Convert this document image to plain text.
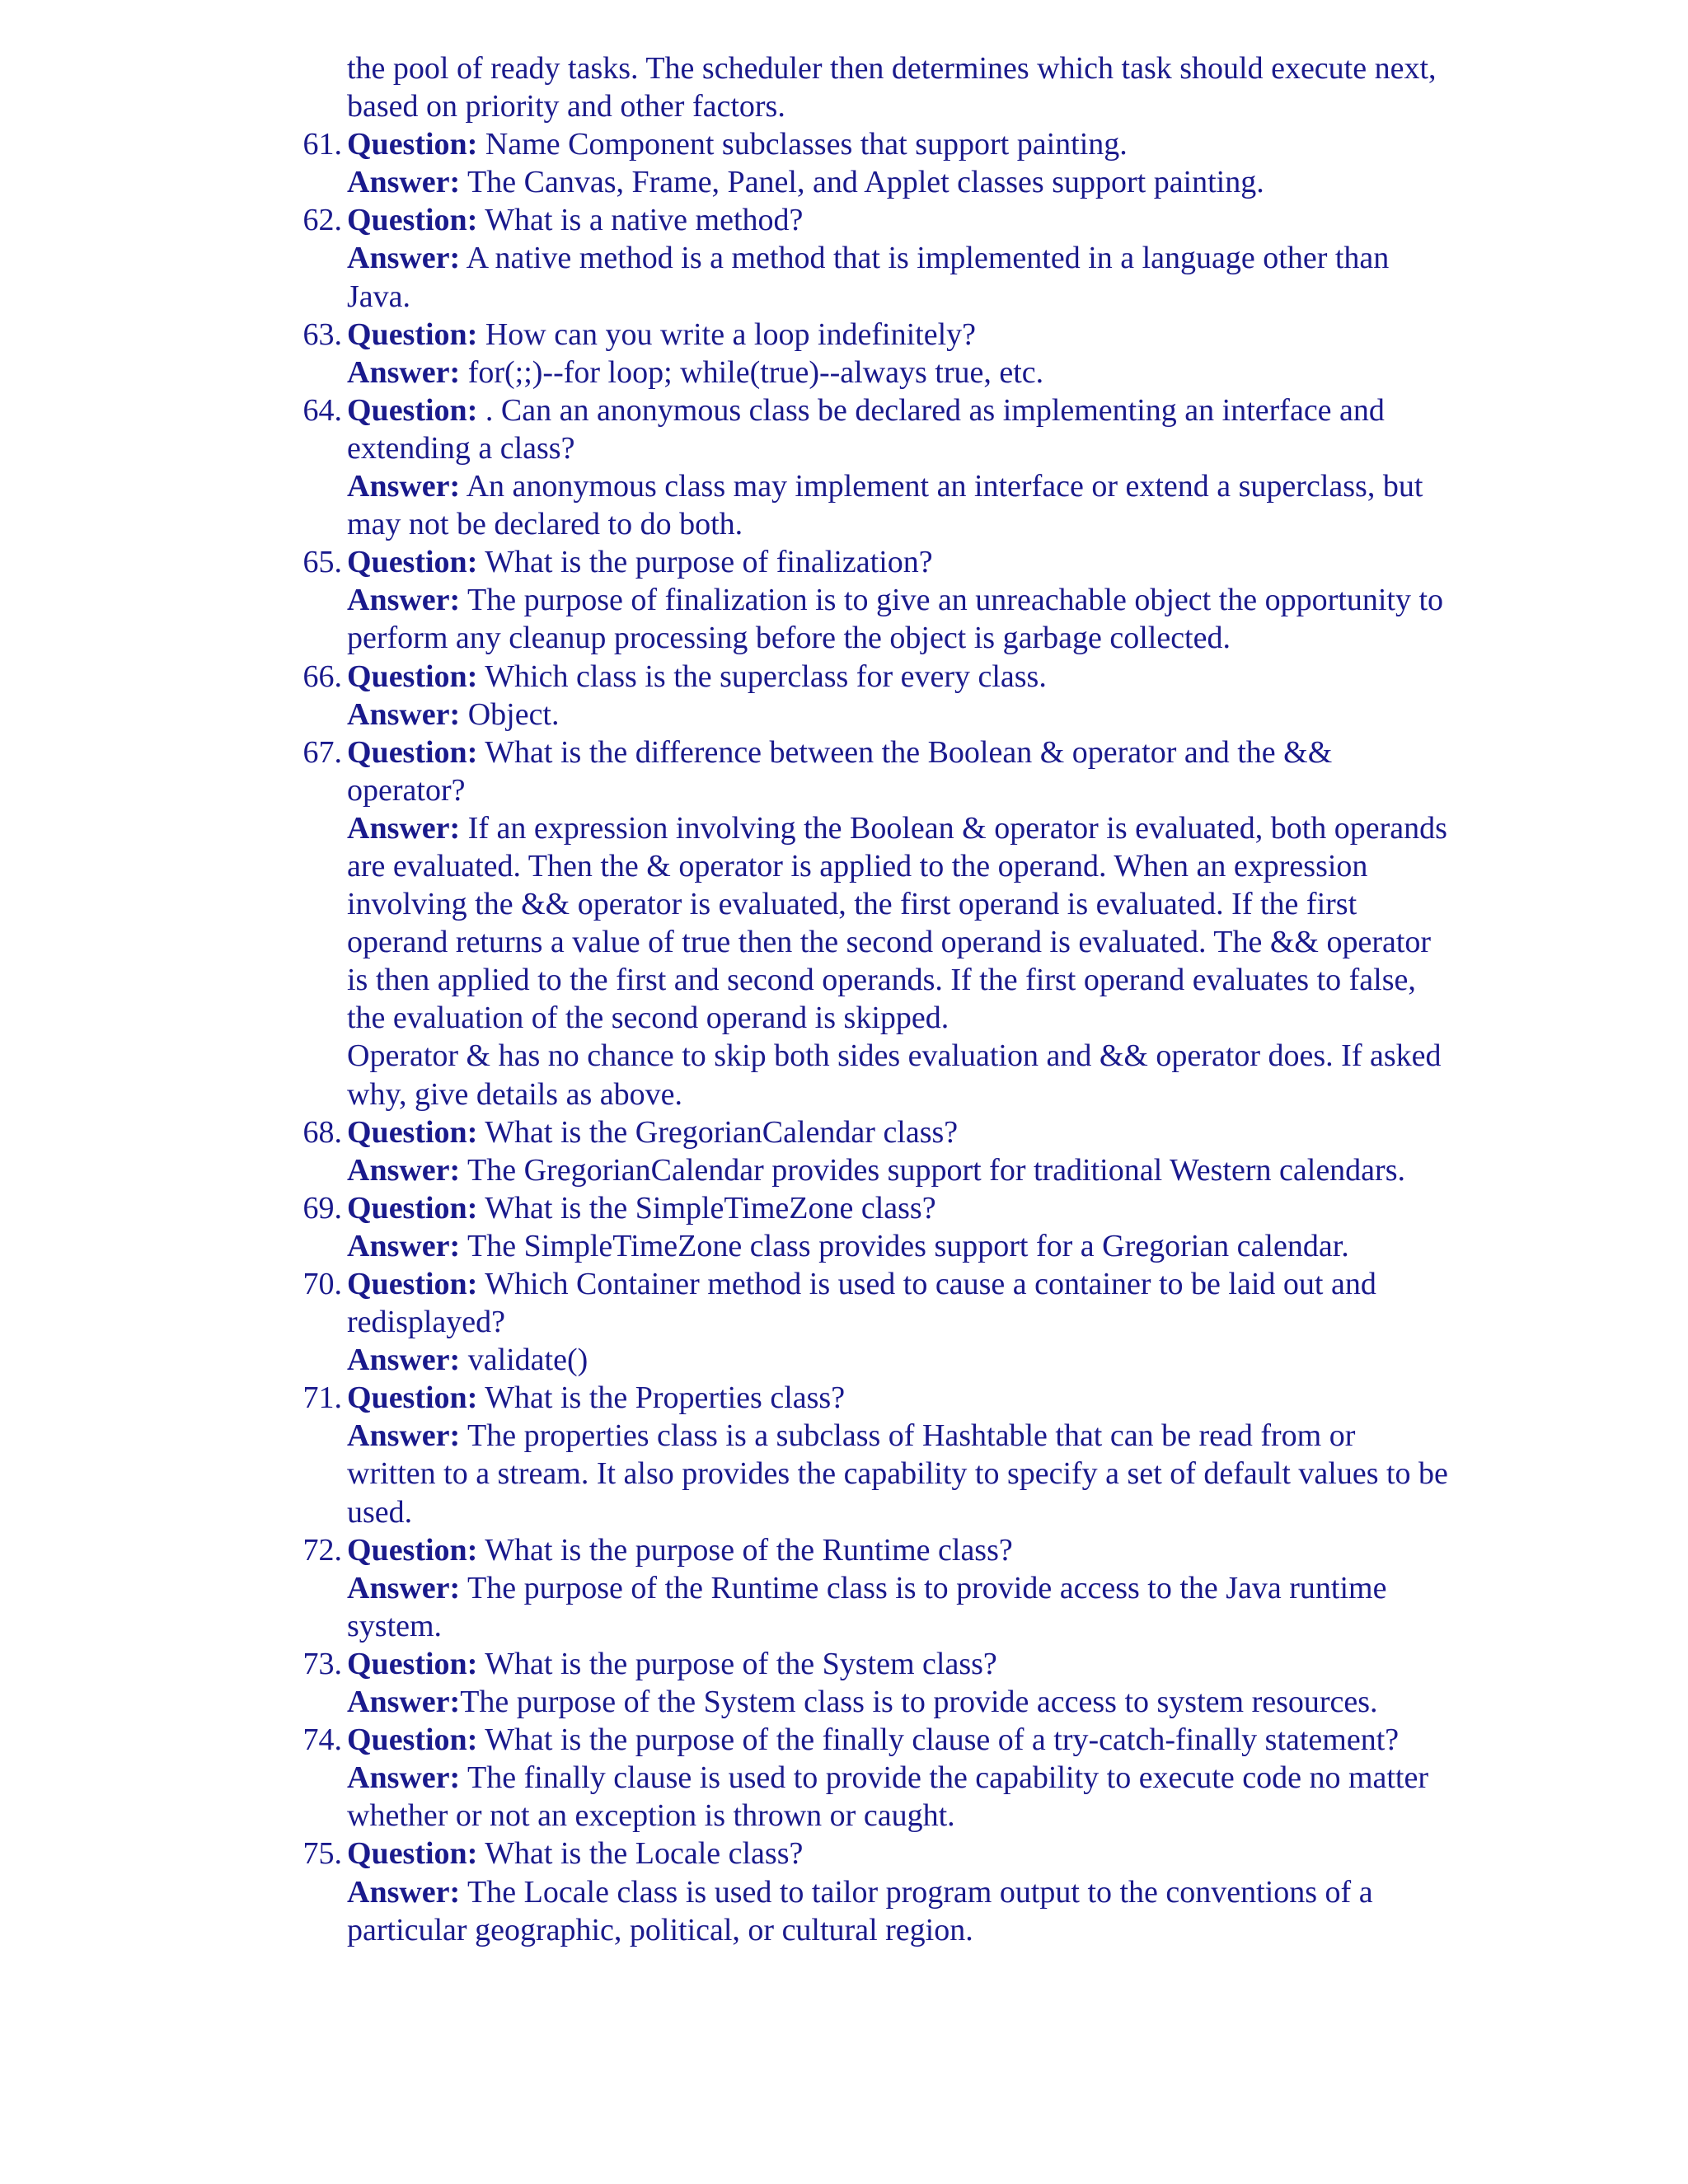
the pool of ready tasks. The scheduler then determines which task should execute next, based on priority and other factors.

61. Question: Name Component subclasses that support painting.

Answer: The Canvas, Frame, Panel, and Applet classes support painting.

62. Question: What is a native method?

Answer: A native method is a method that is implemented in a language other than Java.

63. Question: How can you write a loop indefinitely?

Answer: for(;;)--for loop; while(true)--always true, etc.

64. Question: . Can an anonymous class be declared as implementing an interface and extending a class?

Answer: An anonymous class may implement an interface or extend a superclass, but may not be declared to do both.

65. Question: What is the purpose of finalization?

Answer: The purpose of finalization is to give an unreachable object the opportunity to perform any cleanup processing before the object is garbage collected.

66. Question: Which class is the superclass for every class.

Answer: Object.

67. Question: What is the difference between the Boolean & operator and the && operator?

Answer: If an expression involving the Boolean & operator is evaluated, both operands are evaluated. Then the & operator is applied to the operand. When an expression involving the && operator is evaluated, the first operand is evaluated. If the first operand returns a value of true then the second operand is evaluated. The && operator is then applied to the first and second operands. If the first operand evaluates to false, the evaluation of the second operand is skipped.

Operator & has no chance to skip both sides evaluation and && operator does. If asked why, give details as above.

68. Question: What is the GregorianCalendar class?

Answer: The GregorianCalendar provides support for traditional Western calendars.

69. Question: What is the SimpleTimeZone class?

Answer: The SimpleTimeZone class provides support for a Gregorian calendar.

70. Question: Which Container method is used to cause a container to be laid out and redisplayed?

Answer: validate()

71. Question: What is the Properties class?

Answer: The properties class is a subclass of Hashtable that can be read from or written to a stream. It also provides the capability to specify a set of default values to be used.

72. Question: What is the purpose of the Runtime class?

Answer: The purpose of the Runtime class is to provide access to the Java runtime system.

73. Question: What is the purpose of the System class?

Answer:The purpose of the System class is to provide access to system resources.

74. Question: What is the purpose of the finally clause of a try-catch-finally statement?

Answer: The finally clause is used to provide the capability to execute code no matter whether or not an exception is thrown or caught.

75. Question: What is the Locale class?

Answer: The Locale class is used to tailor program output to the conventions of a particular geographic, political, or cultural region.
